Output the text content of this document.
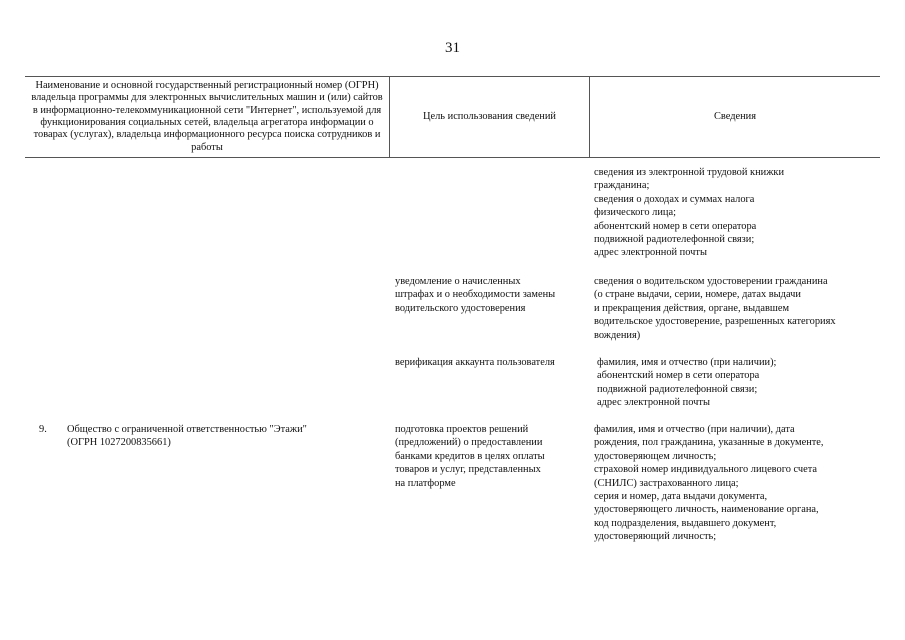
31
Наименование и основной государственный регистрационный номер (ОГРН) владельца программы для электронных вычислительных машин и (или) сайтов в информационно-телекоммуникационной сети "Интернет", используемой для функционирования социальных сетей, владельца агрегатора информации о товарах (услугах), владельца информационного ресурса поиска сотрудников и работы
Цель использования сведений	Сведения
сведения из электронной трудовой книжки
гражданина;
сведения о доходах и суммах налога
физического лица;
абонентский номер в сети оператора
подвижной радиотелефонной связи;
адрес электронной почты
уведомление о начисленных
штрафах и о необходимости замены
водительского удостоверения
сведения о водительском удостоверении гражданина
(о стране выдачи, серии, номере, датах выдачи
и прекращения действия, органе, выдавшем
водительское удостоверение, разрешенных категориях
вождения)
верификация аккаунта пользователя	фамилия, имя и отчество (при наличии);
абонентский номер в сети оператора
подвижной радиотелефонной связи;
адрес электронной почты
9. Общество с ограниченной ответственностью "Этажи"
(ОГРН 1027200835661)
подготовка проектов решений
(предложений) о предоставлении
банками кредитов в целях оплаты
товаров и услуг, представленных
на платформе
фамилия, имя и отчество (при наличии), дата
рождения, пол гражданина, указанные в документе,
удостоверяющем личность;
страховой номер индивидуального лицевого счета
(СНИЛС) застрахованного лица;
серия и номер, дата выдачи документа,
удостоверяющего личность, наименование органа,
код подразделения, выдавшего документ,
удостоверяющий личность;
